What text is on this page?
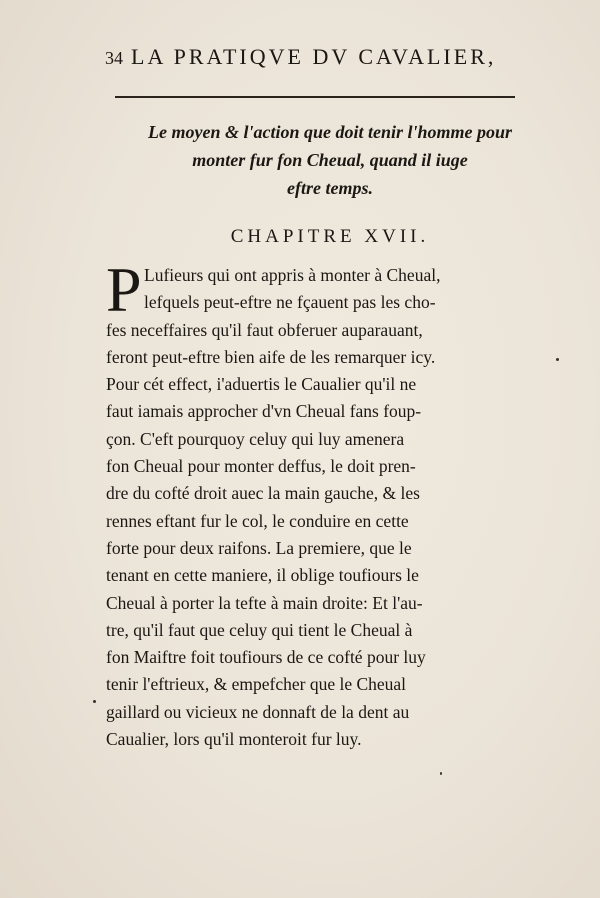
34 LA PRATIQVE DV CAVALIER,
Le moyen & l'action que doit tenir l'homme pour
monter fur fon Cheual, quand il iuge
eftre temps.
CHAPITRE XVII.
P Lufieurs qui ont appris à monter à Cheual,
lefquels peut-eftre ne fçauent pas les cho-
fes neceffaires qu'il faut obferuer auparauant,
feront peut-eftre bien aife de les remarquer icy.
Pour cét effect, i'aduertis le Caualier qu'il ne
faut iamais approcher d'vn Cheual fans foup-
çon. C'eft pourquoy celuy qui luy amenera
fon Cheual pour monter deffus, le doit pren-
dre du cofté droit auec la main gauche, & les
rennes eftant fur le col, le conduire en cette
forte pour deux raifons. La premiere, que le
tenant en cette maniere, il oblige toufiours le
Cheual à porter la tefte à main droite: Et l'au-
tre, qu'il faut que celuy qui tient le Cheual à
fon Maiftre foit toufiours de ce cofté pour luy
tenir l'eftrieux, & empefcher que le Cheual
gaillard ou vicieux ne donnaft de la dent au
Caualier, lors qu'il monteroit fur luy.
